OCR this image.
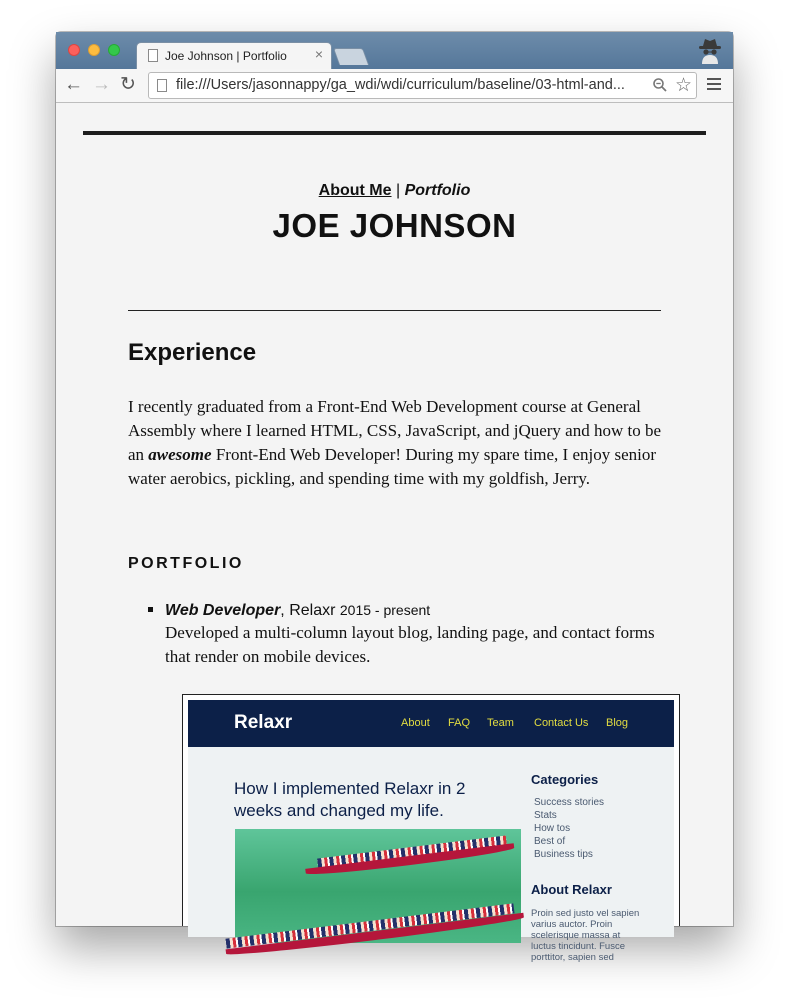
Joe Johnson | Portfolio ×
← → ↻	file:///Users/jasonnappy/ga_wdi/wdi/curriculum/baseline/03-html-and...	☆
About Me | Portfolio
JOE JOHNSON
Experience

I recently graduated from a Front-End Web Development course at General Assembly where I learned HTML, CSS, JavaScript, and jQuery and how to be an awesome Front-End Web Developer! During my spare time, I enjoy senior water aerobics, pickling, and spending time with my goldfish, Jerry.

PORTFOLIO
Web Developer, Relaxr 2015 - present

Developed a multi-column layout blog, landing page, and contact forms that render on mobile devices.

Relaxr	About FAQ Team Contact Us Blog
How I implemented Relaxr in 2 weeks and changed my life.
Categories
Success stories
Stats
How tos
Best of
Business tips
About Relaxr
Proin sed justo vel sapien varius auctor. Proin scelerisque massa at luctus tincidunt. Fusce porttitor, sapien sed
